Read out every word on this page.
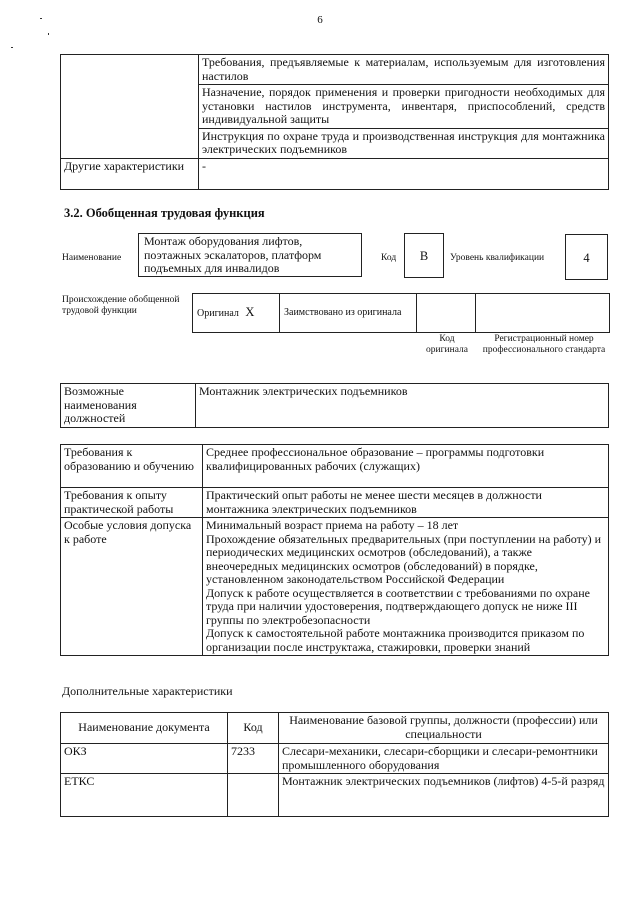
6
	Требования, предъявляемые к материалам, используемым для изготовления настилов
	Назначение, порядок применения и проверки пригодности необходимых для установки настилов инструмента, инвентаря, приспособлений, средств индивидуальной защиты
	Инструкция по охране труда и производственная инструкция для монтажника электрических подъемников
Другие характеристики	-
3.2. Обобщенная трудовая функция
Наименование
Монтаж оборудования лифтов, поэтажных эскалаторов, платформ подъемных для инвалидов
Код	B	Уровень квалификации	4
Происхождение обобщенной трудовой функции	Оригинал X	Заимствовано из оригинала		
Код оригинала
Регистрационный номер профессионального стандарта
Возможные наименования должностей	Монтажник электрических подъемников
Требования к образованию и обучению	Среднее профессиональное образование – программы подготовки квалифицированных рабочих (служащих)
Требования к опыту практической работы	Практический опыт работы не менее шести месяцев в должности монтажника электрических подъемников
Особые условия допуска к работе	Минимальный возраст приема на работу – 18 лет
Прохождение обязательных предварительных (при поступлении на работу) и периодических медицинских осмотров (обследований), а также внеочередных медицинских осмотров (обследований) в порядке, установленном законодательством Российской Федерации
Допуск к работе осуществляется в соответствии с требованиями по охране труда при наличии удостоверения, подтверждающего допуск не ниже III группы по электробезопасности
Допуск к самостоятельной работе монтажника производится приказом по организации после инструктажа, стажировки, проверки знаний
Дополнительные характеристики
Наименование документа	Код	Наименование базовой группы, должности (профессии) или специальности
ОКЗ	7233	Слесари-механики, слесари-сборщики и слесари-ремонтники промышленного оборудования
ЕТКС		Монтажник электрических подъемников (лифтов) 4-5-й разряд
